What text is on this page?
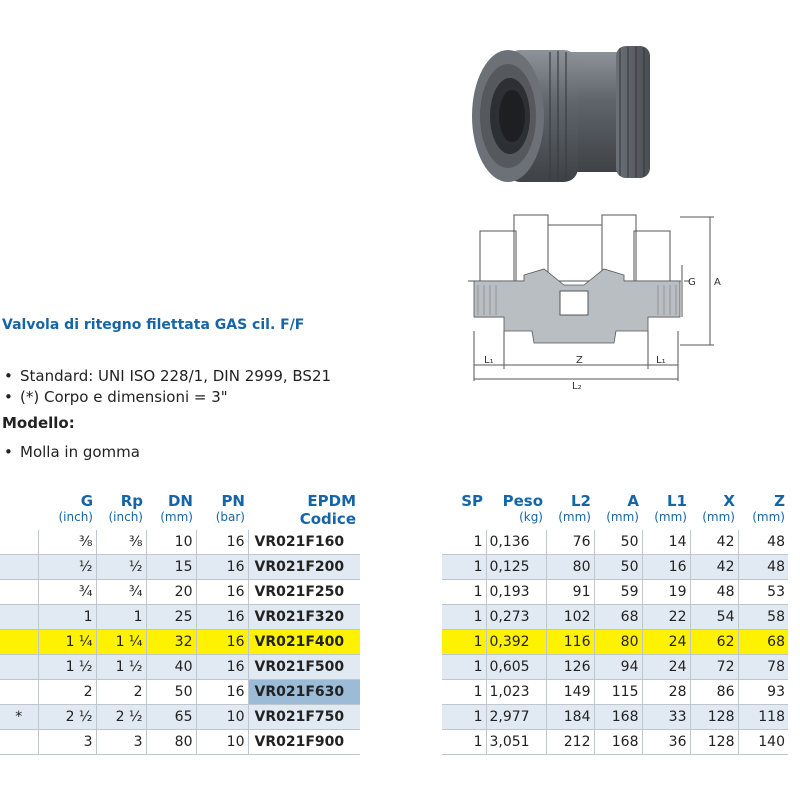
G A
Z
L₁	L₁
L₂
Valvola di ritegno filettata GAS cil. F/F
• Standard: UNI ISO 228/1, DIN 2999, BS21
• (*) Corpo e dimensioni = 3"
Modello:
• Molla in gomma
	G	Rp	DN	PN	EPDM
	(inch)	(inch)	(mm)	(bar)	Codice
	⅜	⅜	10	16	VR021F160
	½	½	15	16	VR021F200
	¾	¾	20	16	VR021F250
	1	1	25	16	VR021F320
	1 ¼	1 ¼	32	16	VR021F400
	1 ½	1 ½	40	16	VR021F500
	2	2	50	16	VR021F630
*	2 ½	2 ½	65	10	VR021F750
	3	3	80	10	VR021F900
SP	Peso	L2	A	L1	X	Z
	(kg)	(mm)	(mm)	(mm)	(mm)	(mm)
1	0,136	76	50	14	42	48
1	0,125	80	50	16	42	48
1	0,193	91	59	19	48	53
1	0,273	102	68	22	54	58
1	0,392	116	80	24	62	68
1	0,605	126	94	24	72	78
1	1,023	149	115	28	86	93
1	2,977	184	168	33	128	118
1	3,051	212	168	36	128	140
